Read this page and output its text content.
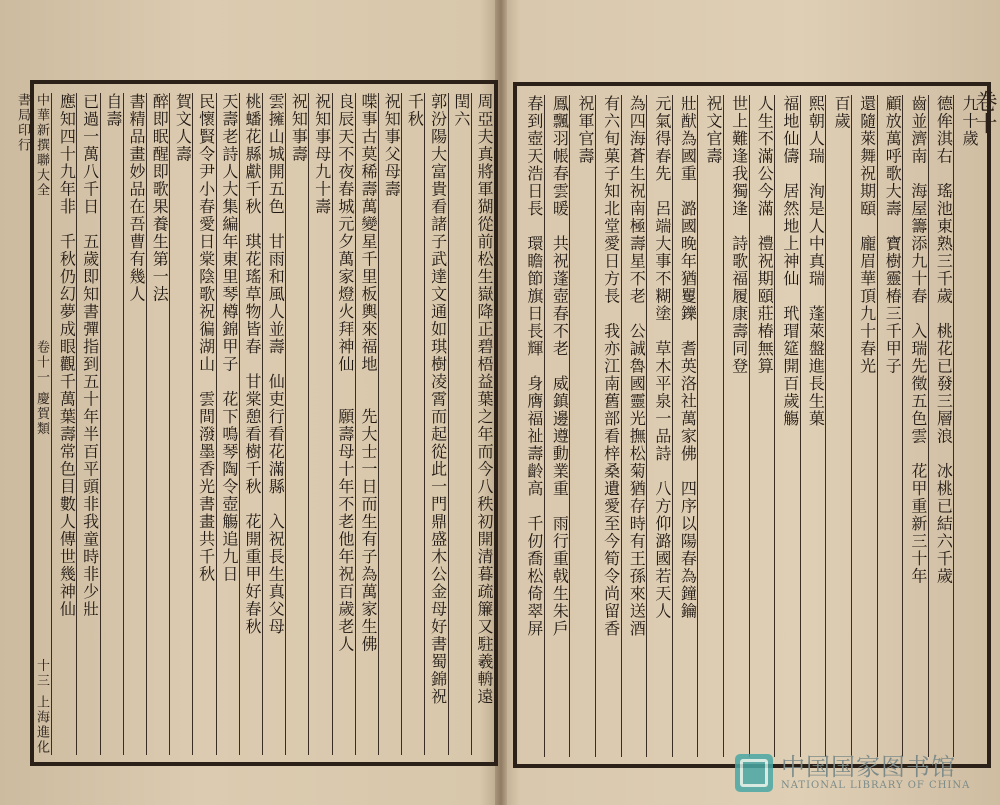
中華新撰聯大全  卷十一 慶賀類  十三 上海進化書局印行	周亞夫真將軍猢從前松生嶽降正碧梧益葉之年而今八秩初開清暮疏簾又駐羲輈遠
閏六
郭汾陽大富貴看諸子武達文通如琪樹凌霄而起從此一門鼎盛木公金母好書蜀錦祝
千秋
祝知事父母壽
喋事古莫稀壽萬變星千里板輿來福地　　先大士一日而生有子為萬家生佛
良辰天不夜春城元夕萬家燈火拜神仙　　願壽母十年不老他年祝百歲老人
祝知事母九十壽
祝知事壽
雲擁山城開五色　甘雨和風人並壽　仙吏行看花滿縣　入祝長生真父母
桃蟠花縣獻千秋　琪花瑤草物皆春　甘棠憩看樹千秋　花開重甲好春秋
天壽老詩人大集編年東里琴樽錦甲子　花下鳴琴陶令壺觴追九日
民懷賢令尹小春愛日棠陰歌祝徧湖山　雲間潑墨香光書畫共千秋
賀文人壽
醉即眠醒即歌果養生第一法
書精品畫妙品在吾曹有幾人
自壽
已過一萬八千日　五歲即知書彈指到五十年半百平頭非我童時非少壯
應知四十九年非　千秋仍幻夢成眼觀千萬葉壽常色目數人傳世幾神仙	九十歲
德侔淇右　瑤池東熟三千歲　桃花已發三層浪　冰桃已結六千歲
齒並濟南　海屋籌添九十春　入瑞先徵五色雲　花甲重新三十年
顧放萬呼歌大壽　寶樹靈椿三千甲子
還隨萊舞祝期頤　龐眉華頂九十春光
百歲
熙朝人瑞　洵是人中真瑞　蓬萊盤進長生菓
福地仙儔　居然地上神仙　玳瑁筵開百歲觴
人生不滿公今滿　禮祝期頤莊椿無算
世上難逢我獨逢　詩歌福履康壽同登
祝文官壽
壯猷為國重　潞國晚年猶矍鑠　耆英洛社萬家佛　四序以陽春為鐘鑰
元氣得春先　呂端大事不糊塗　草木平泉一品詩　八方仰潞國若天人
為四海蒼生祝南極壽星不老　公誠魯國靈光撫松菊猶存時有王孫來送酒
有六旬菓子知北堂愛日方長　我亦江南舊部看梓桑遺愛至今筍令尚留香
祝軍官壽
鳳飄羽帳春雲暖　共祝蓬壺春不老　威鎮邊遵動業重　雨行重戟生朱戶
春到壺天浩日長　環瞻節旗日長輝　身膺福祉壽齡高　千仞喬松倚翠屏	卷十
中国国家图书馆
NATIONAL LIBRARY OF CHINA
